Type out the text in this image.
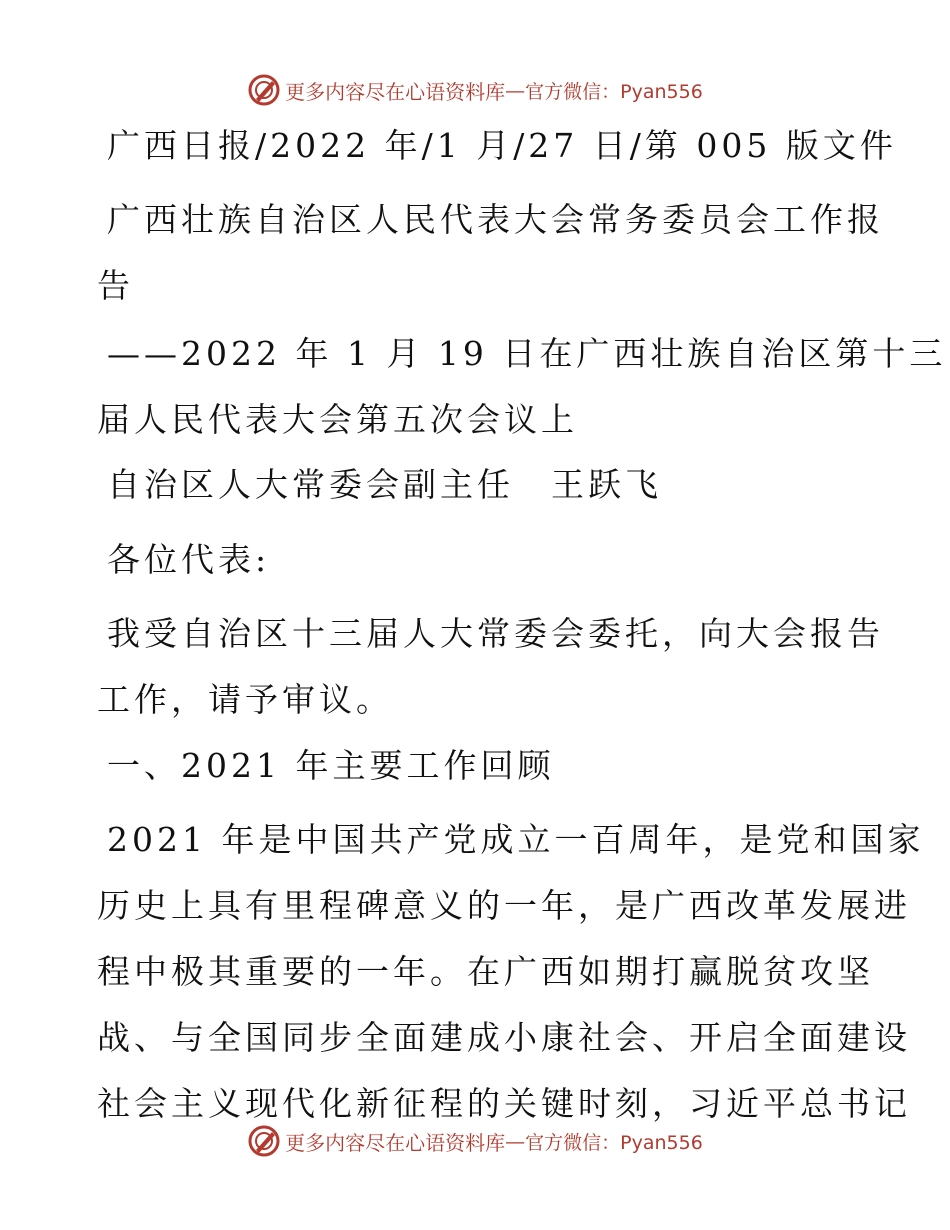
更多内容尽在心语资料库 — 官方微信：Pyan556

广西日报/2022 年/1 月/27 日/第 005 版文件

广西壮族自治区人民代表大会常务委员会工作报
告
——2022 年 1 月 19 日在广西壮族自治区第十三
届人民代表大会第五次会议上

自治区人大常委会副主任　王跃飞

各位代表:

我受自治区十三届人大常委会委托，向大会报告
工作，请予审议。

一、2021 年主要工作回顾

2021 年是中国共产党成立一百周年，是党和国家
历史上具有里程碑意义的一年，是广西改革发展进
程中极其重要的一年。在广西如期打赢脱贫攻坚
战、与全国同步全面建成小康社会、开启全面建设
社会主义现代化新征程的关键时刻，习近平总书记
更多内容尽在心语资料库 — 官方微信：Pyan556
